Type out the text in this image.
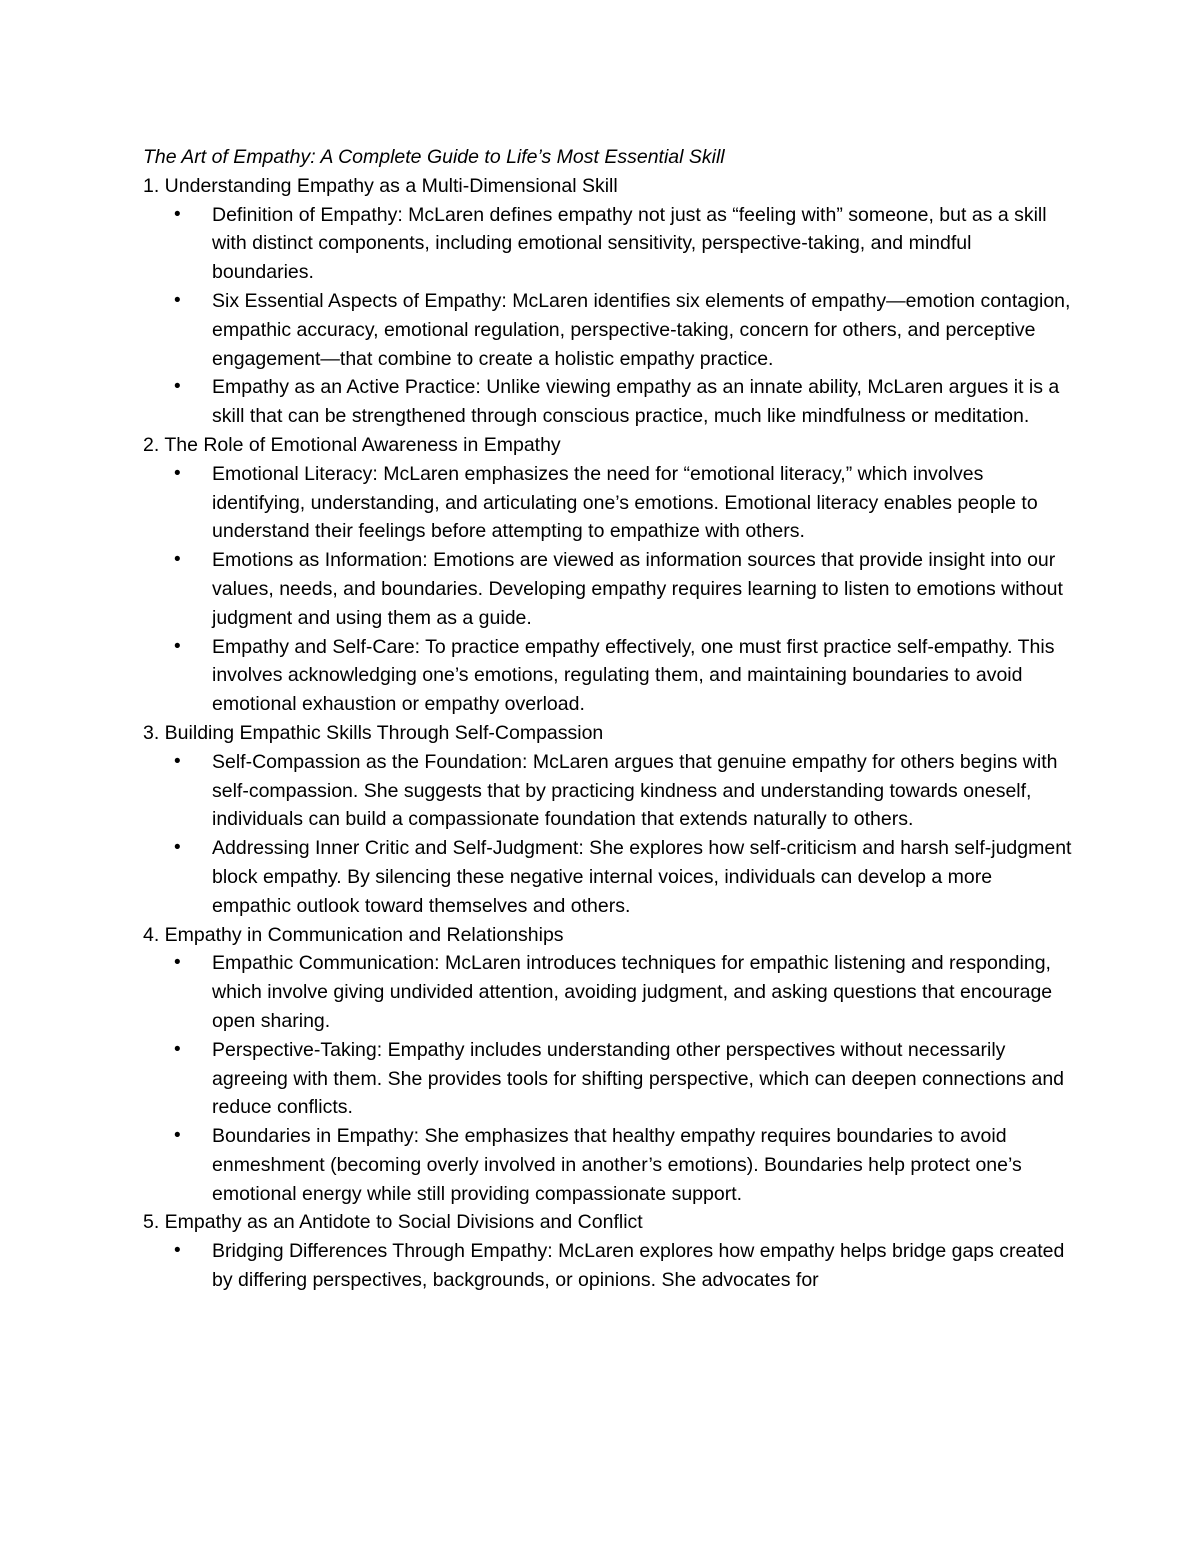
The Art of Empathy: A Complete Guide to Life’s Most Essential Skill

1. Understanding Empathy as a Multi-Dimensional Skill

• Definition of Empathy: McLaren defines empathy not just as “feeling with” someone, but as a skill with distinct components, including emotional sensitivity, perspective-taking, and mindful boundaries.
• Six Essential Aspects of Empathy: McLaren identifies six elements of empathy—emotion contagion, empathic accuracy, emotional regulation, perspective-taking, concern for others, and perceptive engagement—that combine to create a holistic empathy practice.
• Empathy as an Active Practice: Unlike viewing empathy as an innate ability, McLaren argues it is a skill that can be strengthened through conscious practice, much like mindfulness or meditation.

2. The Role of Emotional Awareness in Empathy

• Emotional Literacy: McLaren emphasizes the need for “emotional literacy,” which involves identifying, understanding, and articulating one’s emotions. Emotional literacy enables people to understand their feelings before attempting to empathize with others.
• Emotions as Information: Emotions are viewed as information sources that provide insight into our values, needs, and boundaries. Developing empathy requires learning to listen to emotions without judgment and using them as a guide.
• Empathy and Self-Care: To practice empathy effectively, one must first practice self-empathy. This involves acknowledging one’s emotions, regulating them, and maintaining boundaries to avoid emotional exhaustion or empathy overload.

3. Building Empathic Skills Through Self-Compassion

• Self-Compassion as the Foundation: McLaren argues that genuine empathy for others begins with self-compassion. She suggests that by practicing kindness and understanding towards oneself, individuals can build a compassionate foundation that extends naturally to others.
• Addressing Inner Critic and Self-Judgment: She explores how self-criticism and harsh self-judgment block empathy. By silencing these negative internal voices, individuals can develop a more empathic outlook toward themselves and others.

4. Empathy in Communication and Relationships

• Empathic Communication: McLaren introduces techniques for empathic listening and responding, which involve giving undivided attention, avoiding judgment, and asking questions that encourage open sharing.
• Perspective-Taking: Empathy includes understanding other perspectives without necessarily agreeing with them. She provides tools for shifting perspective, which can deepen connections and reduce conflicts.
• Boundaries in Empathy: She emphasizes that healthy empathy requires boundaries to avoid enmeshment (becoming overly involved in another’s emotions). Boundaries help protect one’s emotional energy while still providing compassionate support.

5. Empathy as an Antidote to Social Divisions and Conflict

• Bridging Differences Through Empathy: McLaren explores how empathy helps bridge gaps created by differing perspectives, backgrounds, or opinions. She advocates for
